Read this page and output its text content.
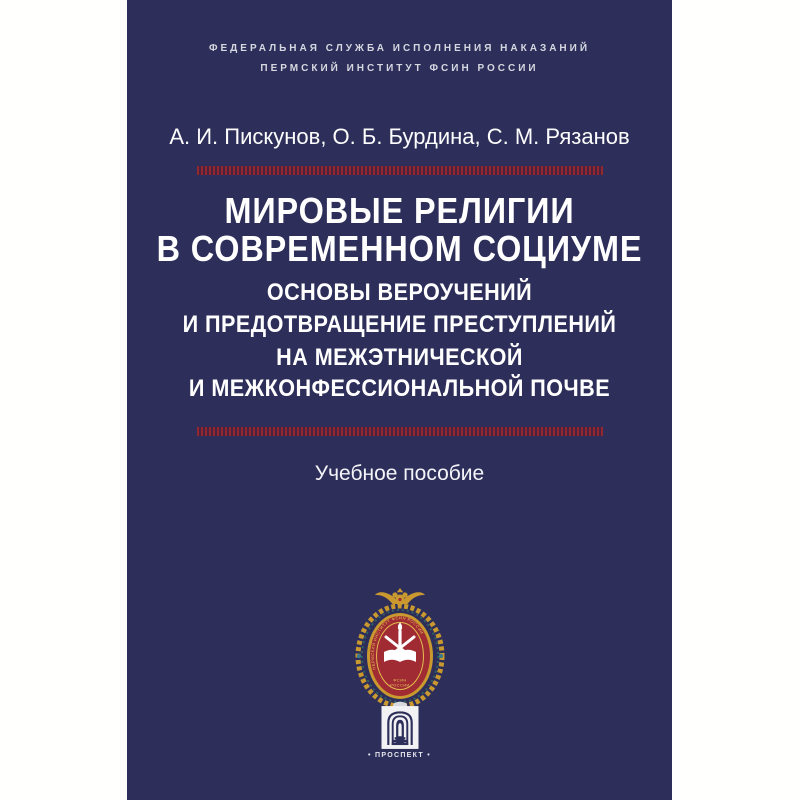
ФЕДЕРАЛЬНАЯ СЛУЖБА ИСПОЛНЕНИЯ НАКАЗАНИЙ
ПЕРМСКИЙ ИНСТИТУТ ФСИН РОССИИ
А. И. Пискунов, О. Б. Бурдина, С. М. Рязанов
МИРОВЫЕ РЕЛИГИИ
В СОВРЕМЕННОМ СОЦИУМЕ
ОСНОВЫ ВЕРОУЧЕНИЙ
И ПРЕДОТВРАЩЕНИЕ ПРЕСТУПЛЕНИЙ
НА МЕЖЭТНИЧЕСКОЙ
И МЕЖКОНФЕССИОНАЛЬНОЙ ПОЧВЕ
Учебное пособие
ПЕРМСКИЙ ИНСТИТУТ ФСИН РОССИИ
ФСИН
РОССИИ
• ПРОСПЕКТ •
